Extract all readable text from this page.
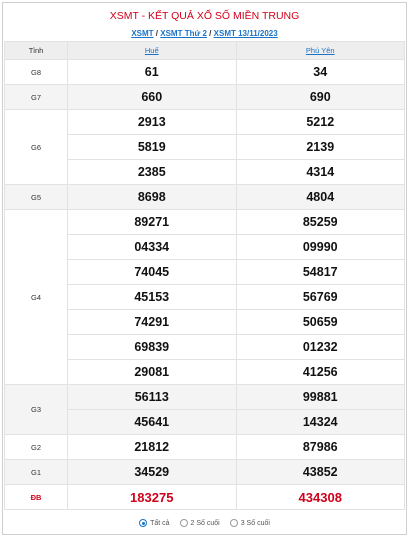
XSMT - KẾT QUẢ XỔ SỐ MIỀN TRUNG
XSMT / XSMT Thứ 2 / XSMT 13/11/2023
Tỉnh	Huế	Phú Yên
G8	61	34
G7	660	690
G6	2913	5212
	5819	2139
	2385	4314
G5	8698	4804
G4	89271	85259
	04334	09990
	74045	54817
	45153	56769
	74291	50659
	69839	01232
	29081	41256
G3	56113	99881
	45641	14324
G2	21812	87986
G1	34529	43852
ĐB	183275	434308
Tất cả	2 Số cuối	3 Số cuối
